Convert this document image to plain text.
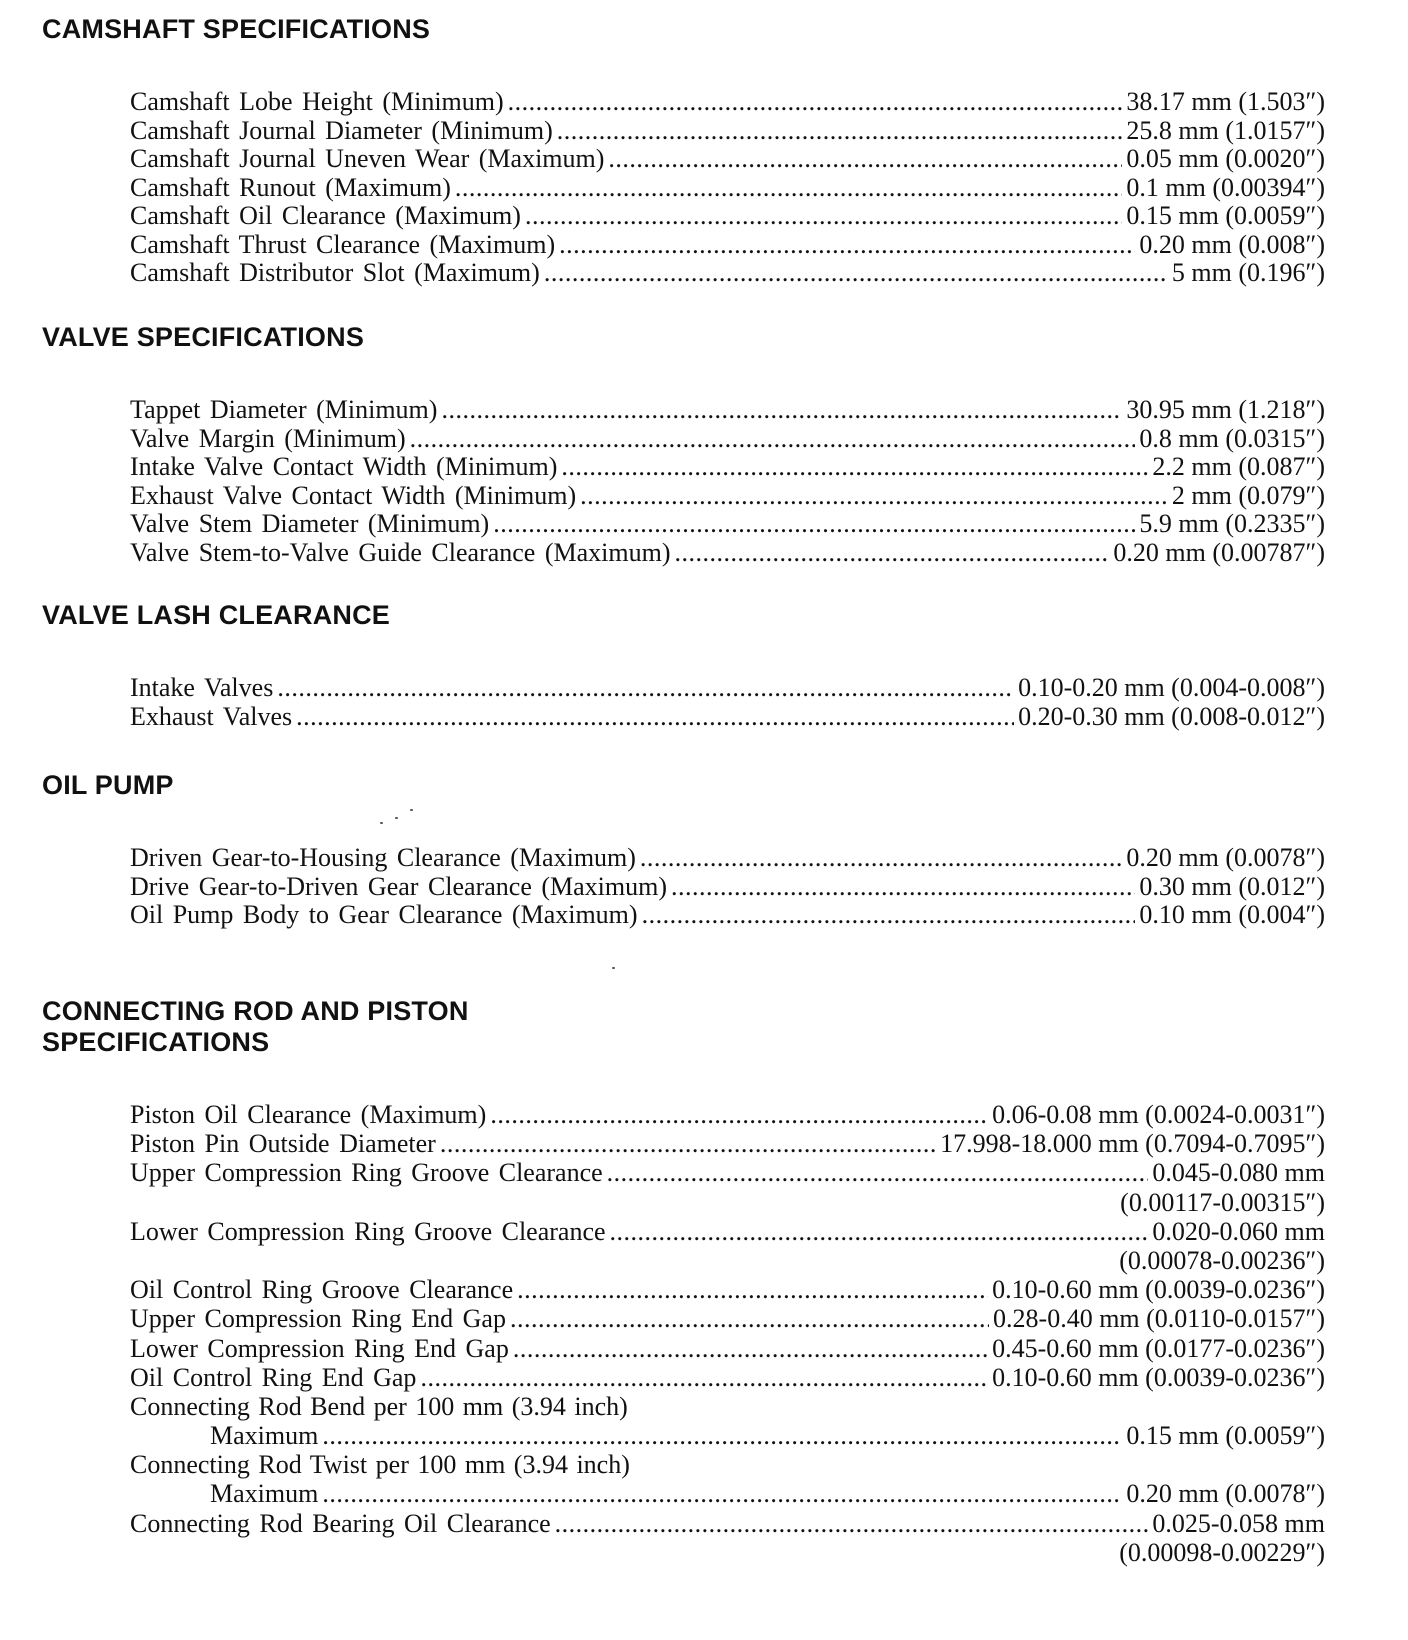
CAMSHAFT SPECIFICATIONS
Camshaft Lobe Height (Minimum) .....	38.17 mm (1.503″)
Camshaft Journal Diameter (Minimum) .....	25.8 mm (1.0157″)
Camshaft Journal Uneven Wear (Maximum) .....	0.05 mm (0.0020″)
Camshaft Runout (Maximum) .....	0.1 mm (0.00394″)
Camshaft Oil Clearance (Maximum) .....	0.15 mm (0.0059″)
Camshaft Thrust Clearance (Maximum) .....	0.20 mm (0.008″)
Camshaft Distributor Slot (Maximum) .....	5 mm (0.196″)
VALVE SPECIFICATIONS
Tappet Diameter (Minimum) .....	30.95 mm (1.218″)
Valve Margin (Minimum) .....	0.8 mm (0.0315″)
Intake Valve Contact Width (Minimum) .....	2.2 mm (0.087″)
Exhaust Valve Contact Width (Minimum) .....	2 mm (0.079″)
Valve Stem Diameter (Minimum) .....	5.9 mm (0.2335″)
Valve Stem-to-Valve Guide Clearance (Maximum) .....	0.20 mm (0.00787″)
VALVE LASH CLEARANCE
Intake Valves .....	0.10-0.20 mm (0.004-0.008″)
Exhaust Valves .....	0.20-0.30 mm (0.008-0.012″)
OIL PUMP
Driven Gear-to-Housing Clearance (Maximum) .....	0.20 mm (0.0078″)
Drive Gear-to-Driven Gear Clearance (Maximum) .....	0.30 mm (0.012″)
Oil Pump Body to Gear Clearance (Maximum) .....	0.10 mm (0.004″)
CONNECTING ROD AND PISTON
SPECIFICATIONS
Piston Oil Clearance (Maximum) .....	0.06-0.08 mm (0.0024-0.0031″)
Piston Pin Outside Diameter .....	17.998-18.000 mm (0.7094-0.7095″)
Upper Compression Ring Groove Clearance .....	0.045-0.080 mm
(0.00117-0.00315″)
Lower Compression Ring Groove Clearance .....	0.020-0.060 mm
(0.00078-0.00236″)
Oil Control Ring Groove Clearance .....	0.10-0.60 mm (0.0039-0.0236″)
Upper Compression Ring End Gap .....	0.28-0.40 mm (0.0110-0.0157″)
Lower Compression Ring End Gap .....	0.45-0.60 mm (0.0177-0.0236″)
Oil Control Ring End Gap .....	0.10-0.60 mm (0.0039-0.0236″)
Connecting Rod Bend per 100 mm (3.94 inch)
Maximum .....	0.15 mm (0.0059″)
Connecting Rod Twist per 100 mm (3.94 inch)
Maximum .....	0.20 mm (0.0078″)
Connecting Rod Bearing Oil Clearance .....	0.025-0.058 mm
(0.00098-0.00229″)
